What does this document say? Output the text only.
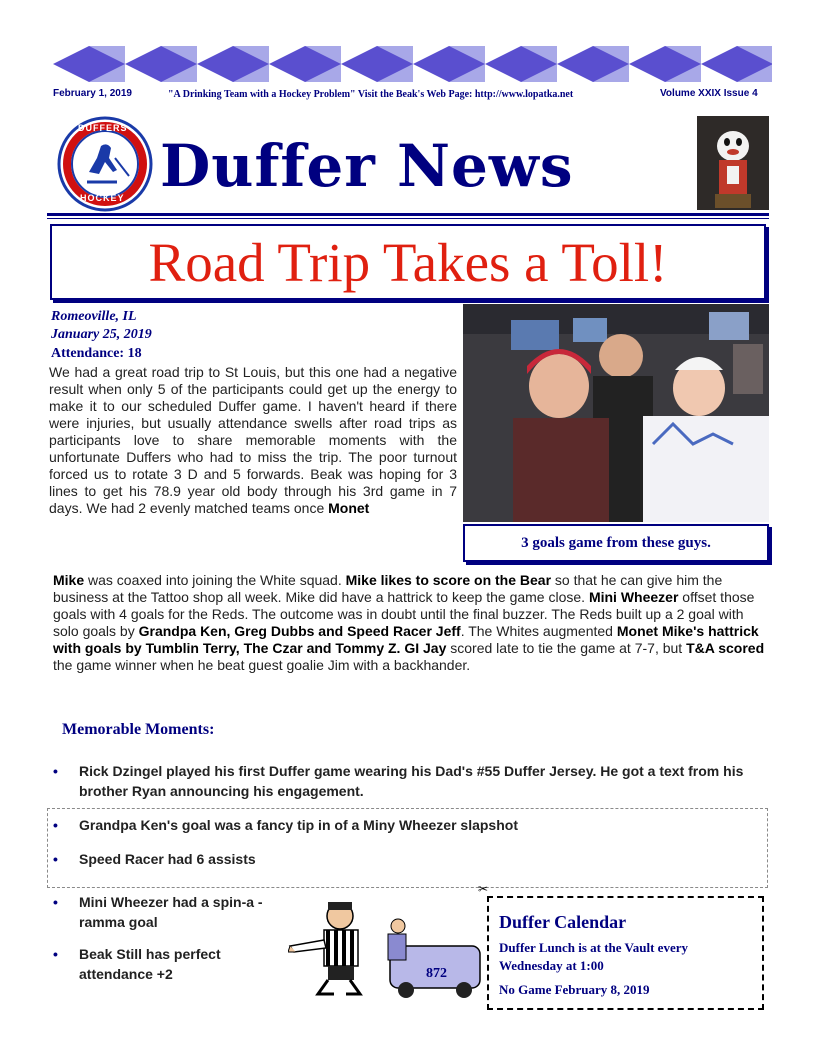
February 1, 2019	"A Drinking Team with a Hockey Problem" Visit the Beak's Web Page: http://www.lopatka.net	Volume XXIX Issue 4
DUFFERS
HOCKEY Duffer News
Road Trip Takes a Toll!
Romeoville, IL
January 25, 2019
Attendance: 18
We had a great road trip to St Louis, but this one had a negative result when only 5 of the participants could get up the energy to make it to our scheduled Duffer game. I haven't heard if there were injuries, but usually attendance swells after road trips as participants love to share memorable moments with the unfortunate Duffers who had to miss the trip. The poor turnout forced us to rotate 3 D and 5 forwards. Beak was hoping for 3 lines to get his 78.9 year old body through his 3rd game in 7 days. We had 2 evenly matched teams once Monet
3 goals game from these guys.
Mike was coaxed into joining the White squad. Mike likes to score on the Bear so that he can give him the business at the Tattoo shop all week. Mike did have a hattrick to keep the game close. Mini Wheezer offset those goals with 4 goals for the Reds. The outcome was in doubt until the final buzzer. The Reds built up a 2 goal with solo goals by Grandpa Ken, Greg Dubbs and Speed Racer Jeff. The Whites augmented Monet Mike's hattrick with goals by Tumblin Terry, The Czar and Tommy Z. GI Jay scored late to tie the game at 7-7, but T&A scored the game winner when he beat guest goalie Jim with a backhander.
Memorable Moments:
• Rick Dzingel played his first Duffer game wearing his Dad's #55 Duffer Jersey. He got a text from his brother Ryan announcing his engagement.
• Grandpa Ken's goal was a fancy tip in of a Miny Wheezer slapshot
• Speed Racer had 6 assists
• Mini Wheezer had a spin-a -ramma goal
• Beak Still has perfect attendance +2	872
✂
Duffer Calendar
Duffer Lunch is at the Vault every Wednesday at 1:00
No Game February 8, 2019
